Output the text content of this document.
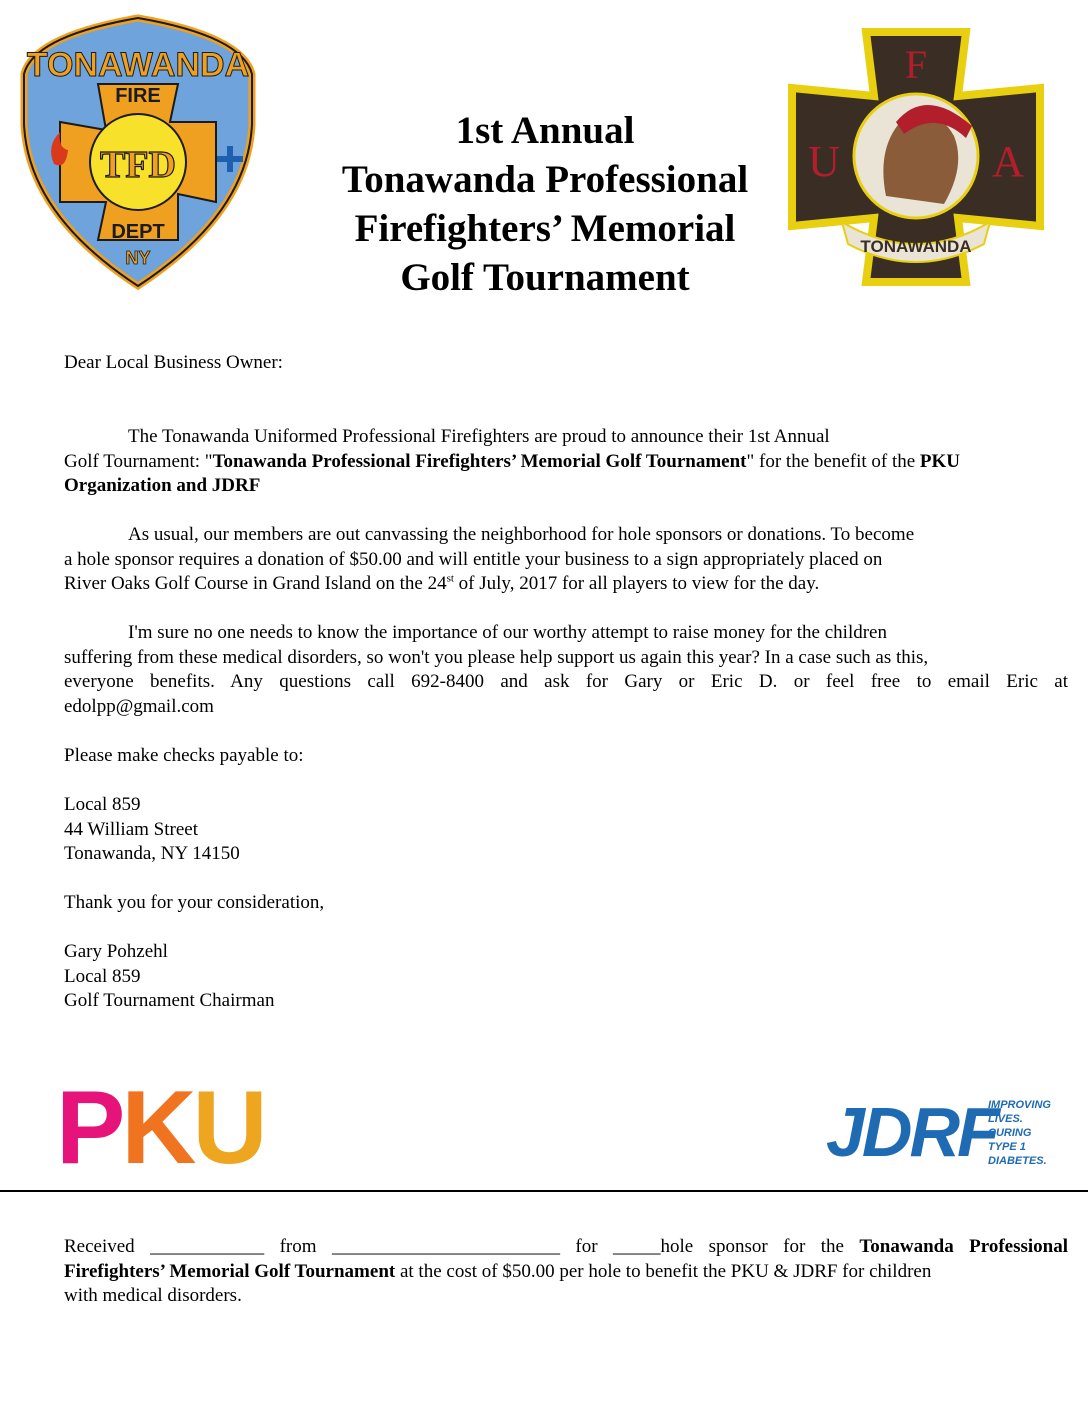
TONAWANDA
FIRE
TFD
DEPT
NY
F
U	A
TONAWANDA
1st Annual
Tonawanda Professional
Firefighters’ Memorial
Golf Tournament
Dear Local Business Owner:
The Tonawanda Uniformed Professional Firefighters are proud to announce their 1st Annual
Golf Tournament: "Tonawanda Professional Firefighters’ Memorial Golf Tournament" for the benefit of the PKU
Organization and JDRF
As usual, our members are out canvassing the neighborhood for hole sponsors or donations. To become
a hole sponsor requires a donation of $50.00 and will entitle your business to a sign appropriately placed on
River Oaks Golf Course in Grand Island on the 24st of July, 2017 for all players to view for the day.
I'm sure no one needs to know the importance of our worthy attempt to raise money for the children
suffering from these medical disorders, so won't you please help support us again this year? In a case such as this,
everyone benefits. Any questions call 692-8400 and ask for Gary or Eric D. or feel free to email Eric at
edolpp@gmail.com
Please make checks payable to:
Local 859
44 William Street
Tonawanda, NY 14150
Thank you for your consideration,
Gary Pohzehl
Local 859
Golf Tournament Chairman
PKU	JDRF
IMPROVING
LIVES.
CURING
TYPE 1
DIABETES.
Received ____________ from ________________________ for _____hole sponsor for the Tonawanda Professional
Firefighters’ Memorial Golf Tournament at the cost of $50.00 per hole to benefit the PKU & JDRF for children
with medical disorders.
